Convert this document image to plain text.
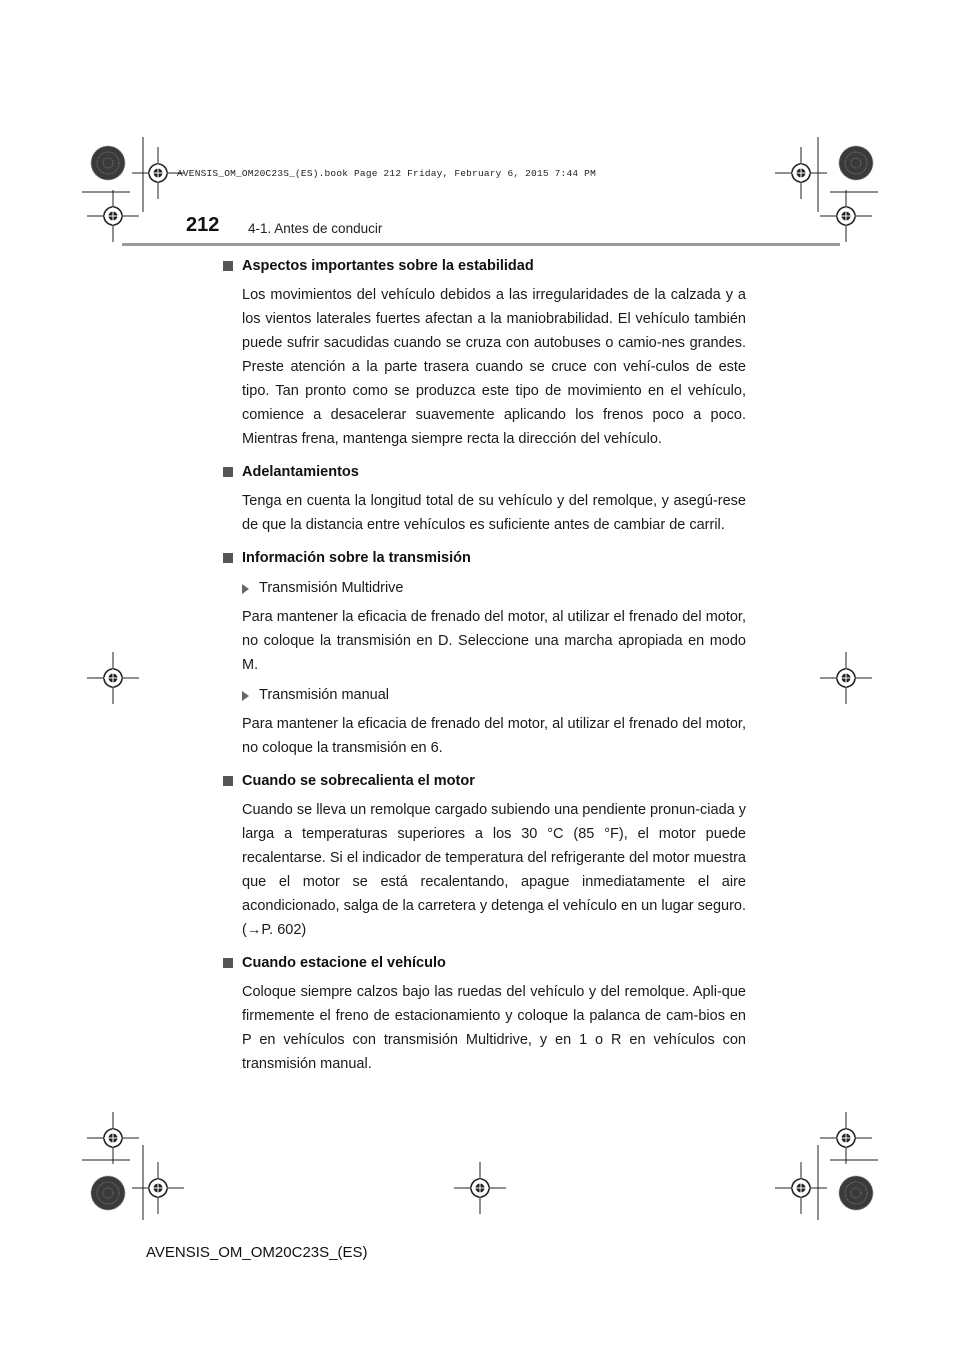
AVENSIS_OM_OM20C23S_(ES).book Page 212 Friday, February 6, 2015 7:44 PM
212 4-1. Antes de conducir
Aspectos importantes sobre la estabilidad
Los movimientos del vehículo debidos a las irregularidades de la calzada y a los vientos laterales fuertes afectan a la maniobrabilidad. El vehículo también puede sufrir sacudidas cuando se cruza con autobuses o camio-nes grandes. Preste atención a la parte trasera cuando se cruce con vehí-culos de este tipo. Tan pronto como se produzca este tipo de movimiento en el vehículo, comience a desacelerar suavemente aplicando los frenos poco a poco. Mientras frena, mantenga siempre recta la dirección del vehículo.
Adelantamientos
Tenga en cuenta la longitud total de su vehículo y del remolque, y asegú-rese de que la distancia entre vehículos es suficiente antes de cambiar de carril.
Información sobre la transmisión
Transmisión Multidrive
Para mantener la eficacia de frenado del motor, al utilizar el frenado del motor, no coloque la transmisión en D. Seleccione una marcha apropiada en modo M.
Transmisión manual
Para mantener la eficacia de frenado del motor, al utilizar el frenado del motor, no coloque la transmisión en 6.
Cuando se sobrecalienta el motor
Cuando se lleva un remolque cargado subiendo una pendiente pronun-ciada y larga a temperaturas superiores a los 30 °C (85 °F), el motor puede recalentarse. Si el indicador de temperatura del refrigerante del motor muestra que el motor se está recalentando, apague inmediatamente el aire acondicionado, salga de la carretera y detenga el vehículo en un lugar seguro. (→P. 602)
Cuando estacione el vehículo
Coloque siempre calzos bajo las ruedas del vehículo y del remolque. Apli-que firmemente el freno de estacionamiento y coloque la palanca de cam-bios en P en vehículos con transmisión Multidrive, y en 1 o R en vehículos con transmisión manual.
AVENSIS_OM_OM20C23S_(ES)
